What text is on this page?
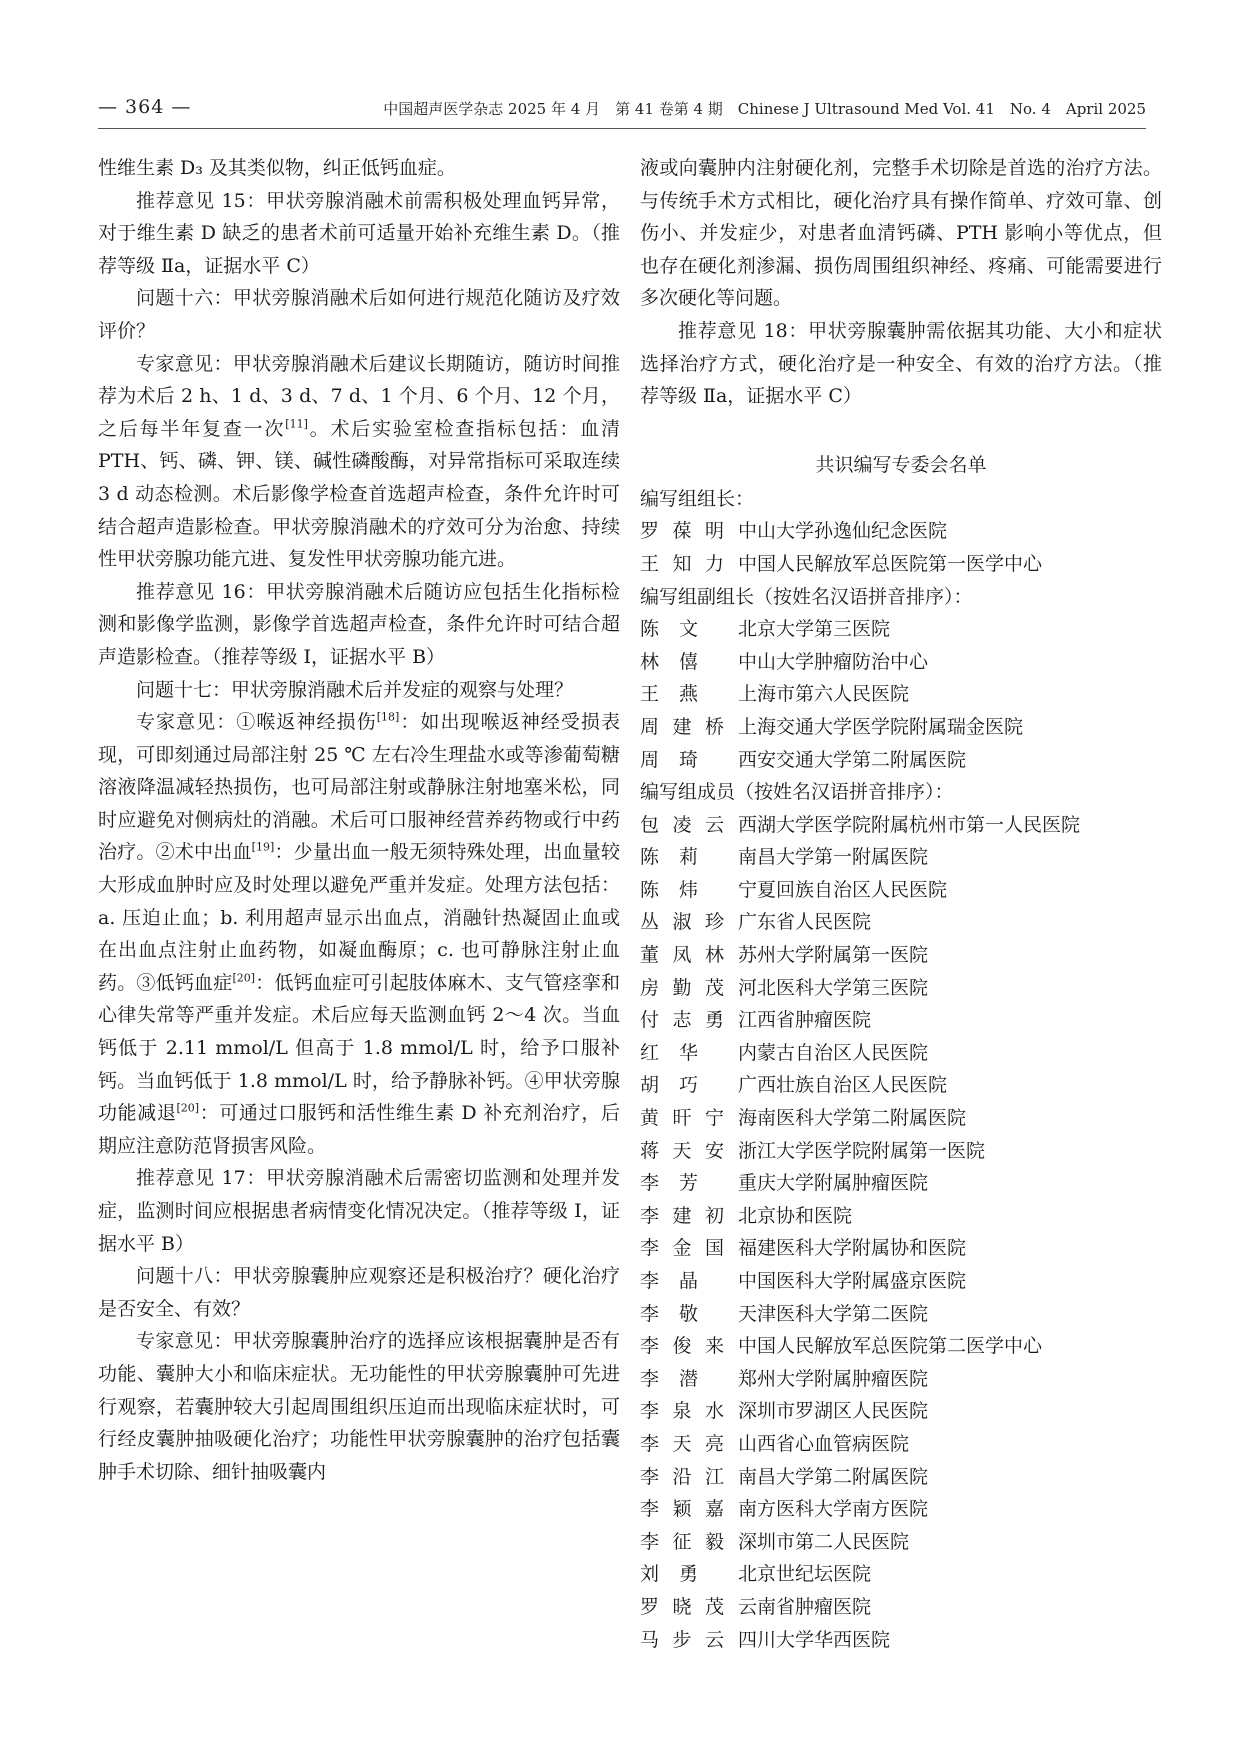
— 364 —	中国超声医学杂志 2025 年 4 月　第 41 卷第 4 期　Chinese J Ultrasound Med Vol. 41　No. 4　April 2025

性维生素 D₃ 及其类似物，纠正低钙血症。

推荐意见 15：甲状旁腺消融术前需积极处理血钙异常，对于维生素 D 缺乏的患者术前可适量开始补充维生素 D。（推荐等级 Ⅱa，证据水平 C）

问题十六：甲状旁腺消融术后如何进行规范化随访及疗效评价？

专家意见：甲状旁腺消融术后建议长期随访，随访时间推荐为术后 2 h、1 d、3 d、7 d、1 个月、6 个月、12 个月，之后每半年复查一次[11]。术后实验室检查指标包括：血清 PTH、钙、磷、钾、镁、碱性磷酸酶，对异常指标可采取连续 3 d 动态检测。术后影像学检查首选超声检查，条件允许时可结合超声造影检查。甲状旁腺消融术的疗效可分为治愈、持续性甲状旁腺功能亢进、复发性甲状旁腺功能亢进。

推荐意见 16：甲状旁腺消融术后随访应包括生化指标检测和影像学监测，影像学首选超声检查，条件允许时可结合超声造影检查。（推荐等级 Ⅰ，证据水平 B）

问题十七：甲状旁腺消融术后并发症的观察与处理？

专家意见：①喉返神经损伤[18]：如出现喉返神经受损表现，可即刻通过局部注射 25 ℃ 左右冷生理盐水或等渗葡萄糖溶液降温减轻热损伤，也可局部注射或静脉注射地塞米松，同时应避免对侧病灶的消融。术后可口服神经营养药物或行中药治疗。②术中出血[19]：少量出血一般无须特殊处理，出血量较大形成血肿时应及时处理以避免严重并发症。处理方法包括：a. 压迫止血；b. 利用超声显示出血点，消融针热凝固止血或在出血点注射止血药物，如凝血酶原；c. 也可静脉注射止血药。③低钙血症[20]：低钙血症可引起肢体麻木、支气管痉挛和心律失常等严重并发症。术后应每天监测血钙 2～4 次。当血钙低于 2.11 mmol/L 但高于 1.8 mmol/L 时，给予口服补钙。当血钙低于 1.8 mmol/L 时，给予静脉补钙。④甲状旁腺功能减退[20]：可通过口服钙和活性维生素 D 补充剂治疗，后期应注意防范肾损害风险。

推荐意见 17：甲状旁腺消融术后需密切监测和处理并发症，监测时间应根据患者病情变化情况决定。（推荐等级 Ⅰ，证据水平 B）

问题十八：甲状旁腺囊肿应观察还是积极治疗？硬化治疗是否安全、有效？

专家意见：甲状旁腺囊肿治疗的选择应该根据囊肿是否有功能、囊肿大小和临床症状。无功能性的甲状旁腺囊肿可先进行观察，若囊肿较大引起周围组织压迫而出现临床症状时，可行经皮囊肿抽吸硬化治疗；功能性甲状旁腺囊肿的治疗包括囊肿手术切除、细针抽吸囊内

液或向囊肿内注射硬化剂，完整手术切除是首选的治疗方法。与传统手术方式相比，硬化治疗具有操作简单、疗效可靠、创伤小、并发症少，对患者血清钙磷、PTH 影响小等优点，但也存在硬化剂渗漏、损伤周围组织神经、疼痛、可能需要进行多次硬化等问题。

推荐意见 18：甲状旁腺囊肿需依据其功能、大小和症状选择治疗方式，硬化治疗是一种安全、有效的治疗方法。（推荐等级 Ⅱa，证据水平 C）

共识编写专委会名单
编写组组长：
罗葆明 中山大学孙逸仙纪念医院
王知力 中国人民解放军总医院第一医学中心
编写组副组长（按姓名汉语拼音排序）：
陈文	北京大学第三医院
林僖	中山大学肿瘤防治中心
王燕	上海市第六人民医院
周建桥 上海交通大学医学院附属瑞金医院
周琦	西安交通大学第二附属医院
编写组成员（按姓名汉语拼音排序）：
包凌云 西湖大学医学院附属杭州市第一人民医院
陈莉	南昌大学第一附属医院
陈炜	宁夏回族自治区人民医院
丛淑珍 广东省人民医院
董凤林 苏州大学附属第一医院
房勤茂 河北医科大学第三医院
付志勇 江西省肿瘤医院
红华	内蒙古自治区人民医院
胡巧	广西壮族自治区人民医院
黄旰宁 海南医科大学第二附属医院
蒋天安 浙江大学医学院附属第一医院
李芳	重庆大学附属肿瘤医院
李建初 北京协和医院
李金国 福建医科大学附属协和医院
李晶	中国医科大学附属盛京医院
李敬	天津医科大学第二医院
李俊来 中国人民解放军总医院第二医学中心
李潜	郑州大学附属肿瘤医院
李泉水 深圳市罗湖区人民医院
李天亮 山西省心血管病医院
李沿江 南昌大学第二附属医院
李颖嘉 南方医科大学南方医院
李征毅 深圳市第二人民医院
刘勇	北京世纪坛医院
罗晓茂 云南省肿瘤医院
马步云 四川大学华西医院
